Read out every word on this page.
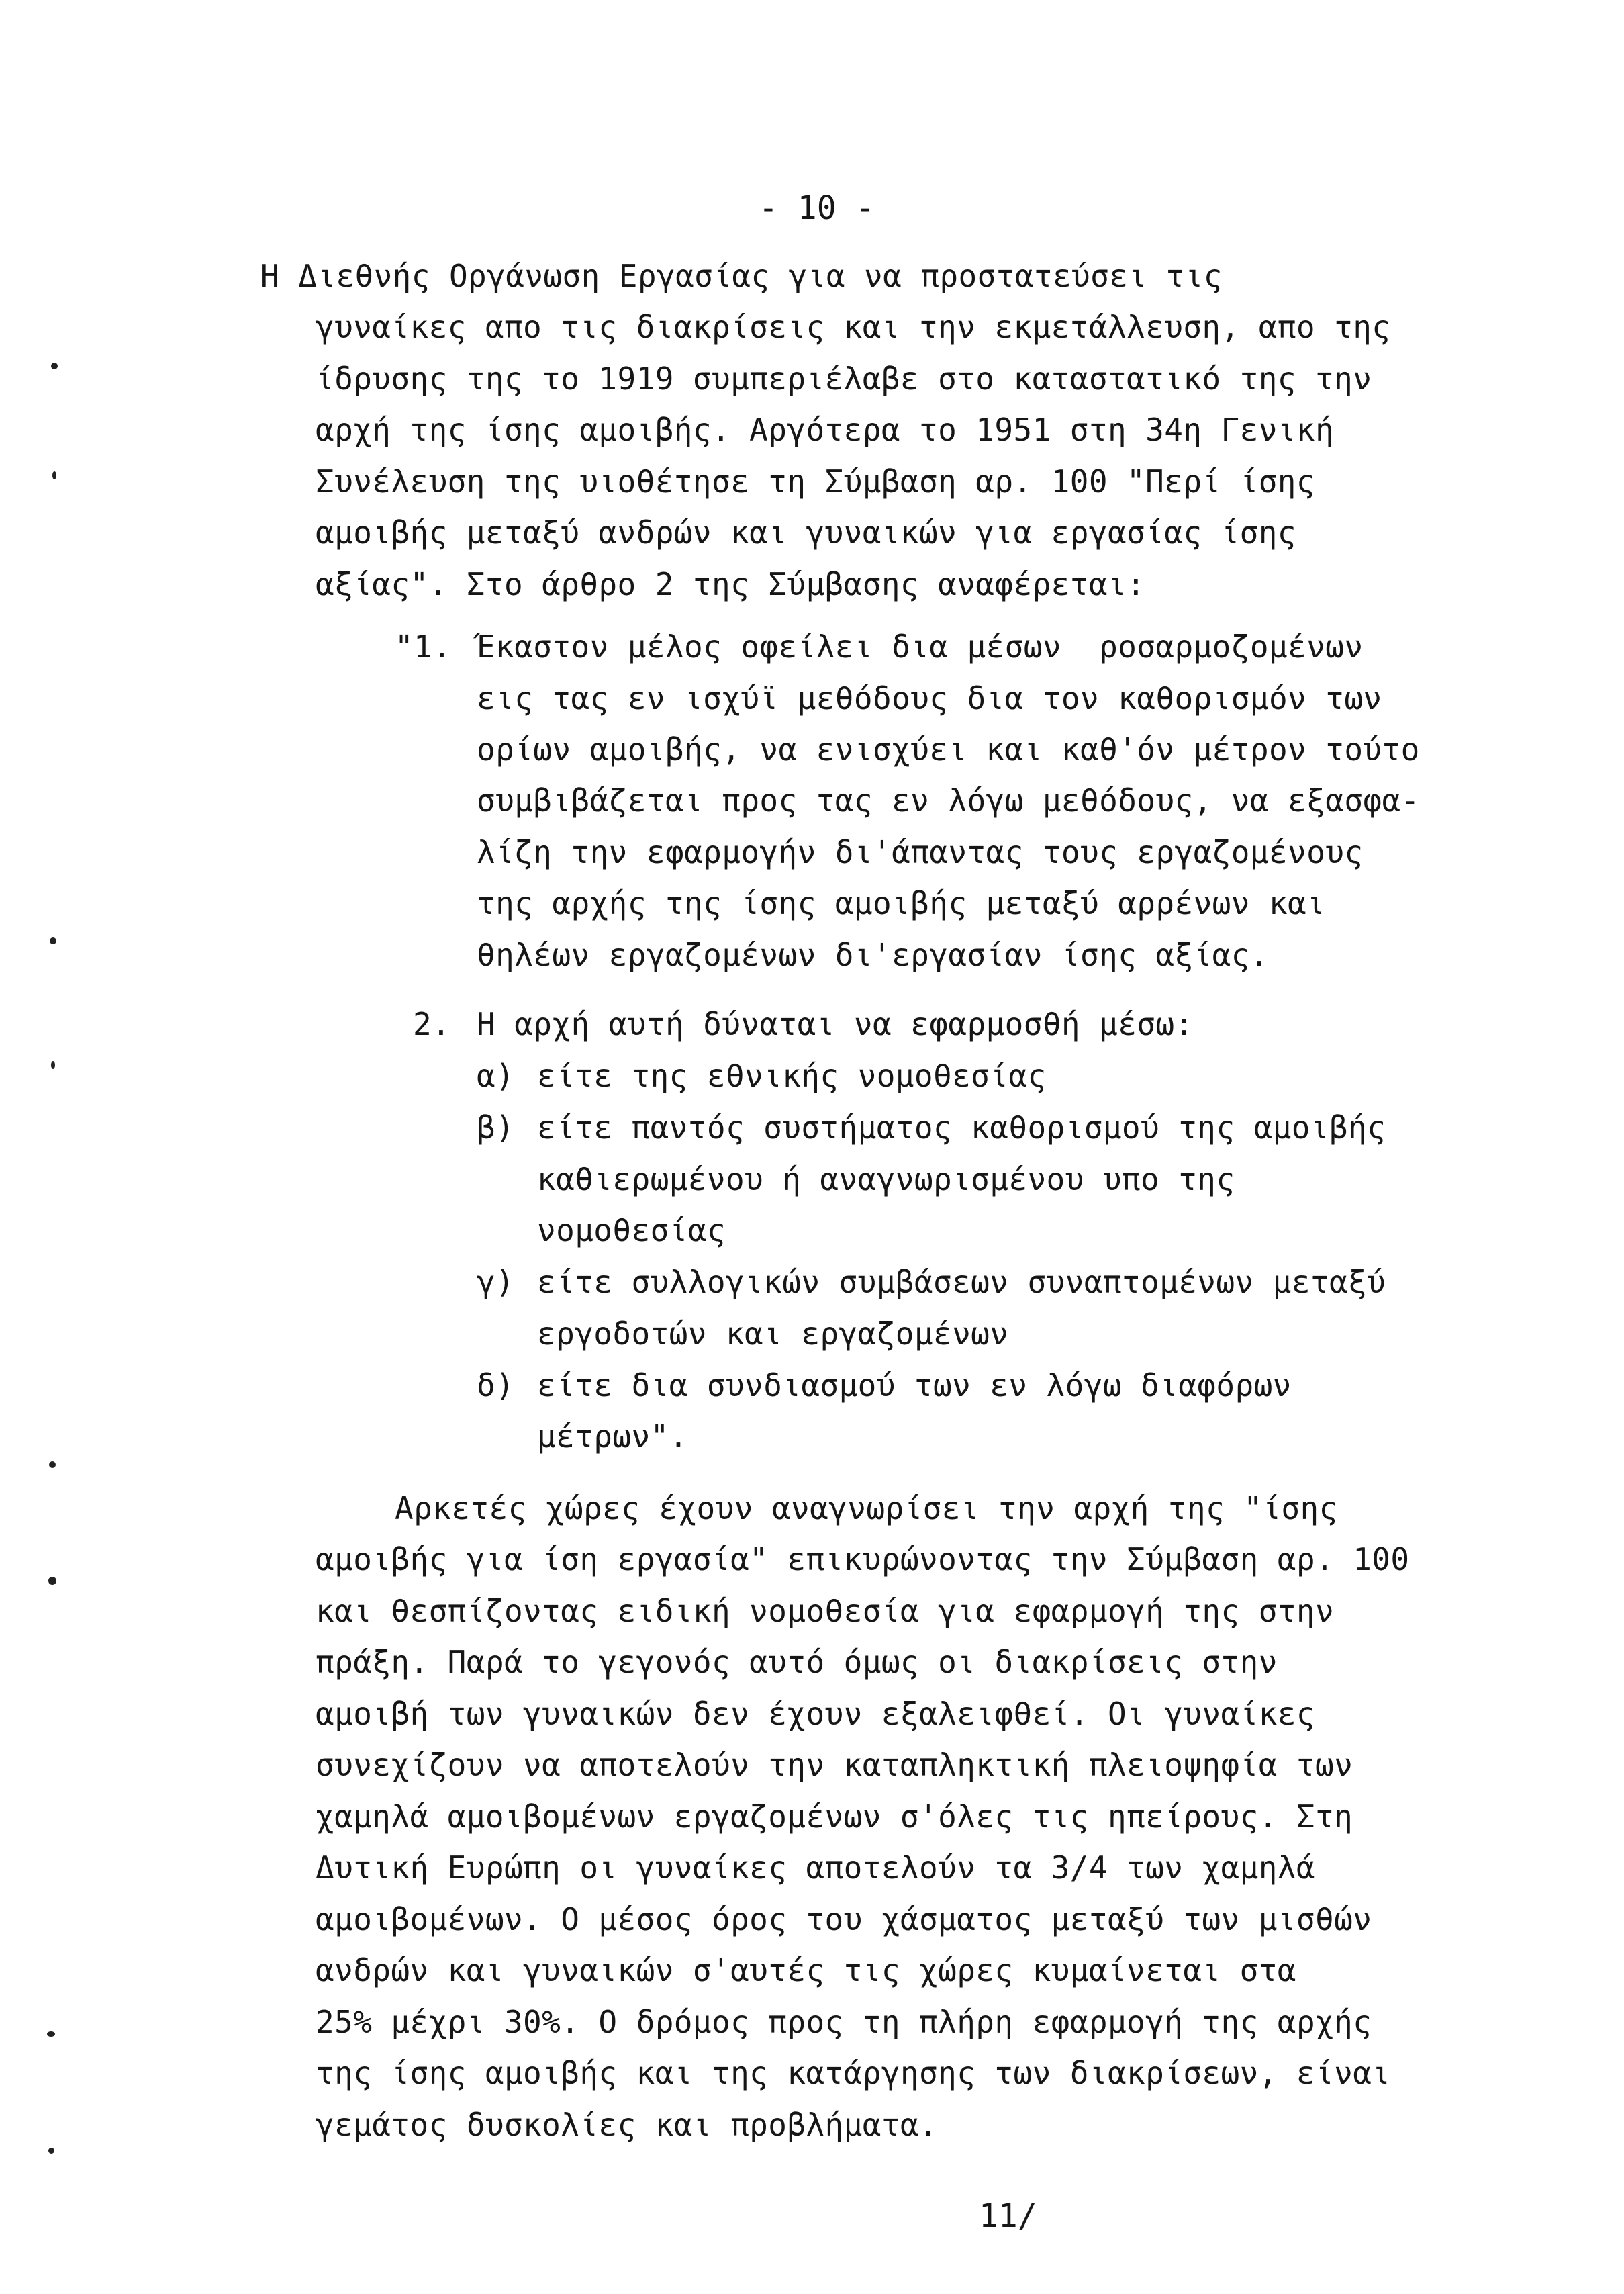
- 10 -
Η Διεθνής Οργάνωση Εργασίας για να προστατεύσει τις
γυναίκες απο τις διακρίσεις και την εκμετάλλευση, απο της
ίδρυσης της το 1919 συμπεριέλαβε στο καταστατικό της την
αρχή της ίσης αμοιβής. Αργότερα το 1951 στη 34η Γενική
Συνέλευση της υιοθέτησε τη Σύμβαση αρ. 100 "Περί ίσης
αμοιβής μεταξύ ανδρών και γυναικών για εργασίας ίσης
αξίας". Στο άρθρο 2 της Σύμβασης αναφέρεται:
"1. Έκαστον μέλος οφείλει δια μέσων  ροσαρμοζομένων
εις τας εν ισχύϊ μεθόδους δια τον καθορισμόν των
ορίων αμοιβής, να ενισχύει και καθ'όν μέτρον τούτο
συμβιβάζεται προς τας εν λόγω μεθόδους, να εξασφα-
λίζη την εφαρμογήν δι'άπαντας τους εργαζομένους
της αρχής της ίσης αμοιβής μεταξύ αρρένων και
θηλέων εργαζομένων δι'εργασίαν ίσης αξίας.
2. Η αρχή αυτή δύναται να εφαρμοσθή μέσω:
α) είτε της εθνικής νομοθεσίας
β) είτε παντός συστήματος καθορισμού της αμοιβής
καθιερωμένου ή αναγνωρισμένου υπο της
νομοθεσίας
γ) είτε συλλογικών συμβάσεων συναπτομένων μεταξύ
εργοδοτών και εργαζομένων
δ) είτε δια συνδιασμού των εν λόγω διαφόρων
μέτρων".
Αρκετές χώρες έχουν αναγνωρίσει την αρχή της "ίσης
αμοιβής για ίση εργασία" επικυρώνοντας την Σύμβαση αρ. 100
και θεσπίζοντας ειδική νομοθεσία για εφαρμογή της στην
πράξη. Παρά το γεγονός αυτό όμως οι διακρίσεις στην
αμοιβή των γυναικών δεν έχουν εξαλειφθεί. Οι γυναίκες
συνεχίζουν να αποτελούν την καταπληκτική πλειοψηφία των
χαμηλά αμοιβομένων εργαζομένων σ'όλες τις ηπείρους. Στη
Δυτική Ευρώπη οι γυναίκες αποτελούν τα 3/4 των χαμηλά
αμοιβομένων. Ο μέσος όρος του χάσματος μεταξύ των μισθών
ανδρών και γυναικών σ'αυτές τις χώρες κυμαίνεται στα
25% μέχρι 30%. Ο δρόμος προς τη πλήρη εφαρμογή της αρχής
της ίσης αμοιβής και της κατάργησης των διακρίσεων, είναι
γεμάτος δυσκολίες και προβλήματα.
11/
